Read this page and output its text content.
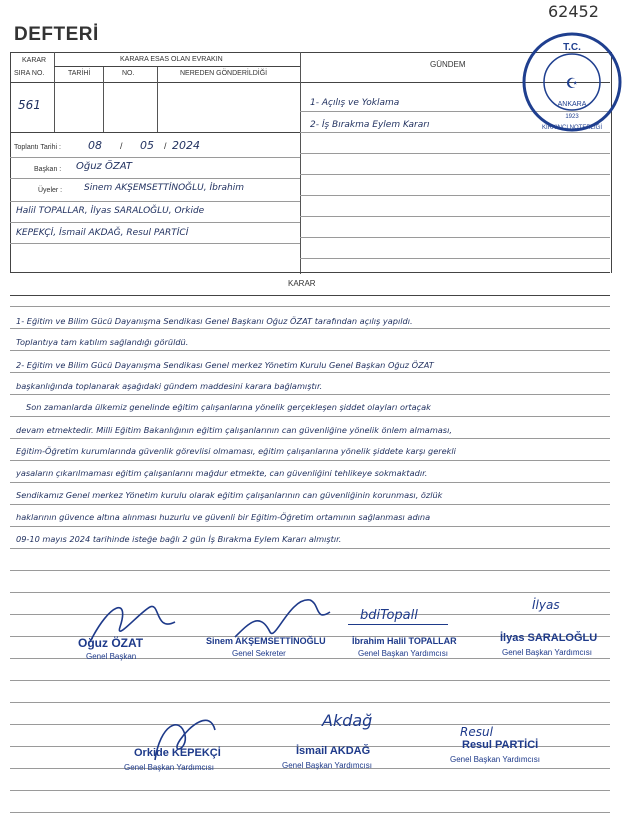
62452
DEFTERİ
KARAR
SIRA NO.
KARARA ESAS OLAN EVRAKIN
TARİHİ	NO.	NEREDEN GÖNDERİLDİĞİ
GÜNDEM
561	1- Açılış ve Yoklama
2- İş Bırakma Eylem Kararı
Toplantı Tarihi : 08 / 05 / 2024
Başkan : Oğuz ÖZAT
Üyeler : Sinem AKŞEMSETTİNOĞLU, İbrahim
Halil TOPALLAR, İlyas SARALOĞLU, Orkide
KEPEKÇİ, İsmail AKDAĞ, Resul PARTİCİ
KARAR
1- Eğitim ve Bilim Gücü Dayanışma Sendikası Genel Başkanı Oğuz ÖZAT tarafından açılış yapıldı.
Toplantıya tam katılım sağlandığı görüldü.
2- Eğitim ve Bilim Gücü Dayanışma Sendikası Genel merkez Yönetim Kurulu Genel Başkan Oğuz ÖZAT
başkanlığında toplanarak aşağıdaki gündem maddesini karara bağlamıştır.
Son zamanlarda ülkemiz genelinde eğitim çalışanlarına yönelik gerçekleşen şiddet olayları ortaçak
devam etmektedir. Milli Eğitim Bakanlığının eğitim çalışanlarının can güvenliğine yönelik önlem almaması,
Eğitim-Öğretim kurumlarında güvenlik görevlisi olmaması, eğitim çalışanlarına yönelik şiddete karşı gerekli
yasaların çıkarılmaması eğitim çalışanlarını mağdur etmekte, can güvenliğini tehlikeye sokmaktadır.
Sendikamız Genel merkez Yönetim kurulu olarak eğitim çalışanlarının can güvenliğinin korunması, özlük
haklarının güvence altına alınması huzurlu ve güvenli bir Eğitim-Öğretim ortamının sağlanması adına
09-10 mayıs 2024 tarihinde isteğe bağlı 2 gün İş Bırakma Eylem Kararı almıştır.
Oğuz ÖZAT
Genel Başkan
Sinem AKŞEMSETTİNOĞLU
Genel Sekreter
bdiTopall
İbrahim Halil TOPALLAR
Genel Başkan Yardımcısı
İlyas
İlyas SARALOĞLU
Genel Başkan Yardımcısı
Orkide KEPEKÇİ
Genel Başkan Yardımcısı
Akdağ
İsmail AKDAĞ
Genel Başkan Yardımcısı
Resul
Resul PARTİCİ
Genel Başkan Yardımcısı
T.C.
☪
ANKARA
1923
KIRKINCI NOTERLİĞİ
